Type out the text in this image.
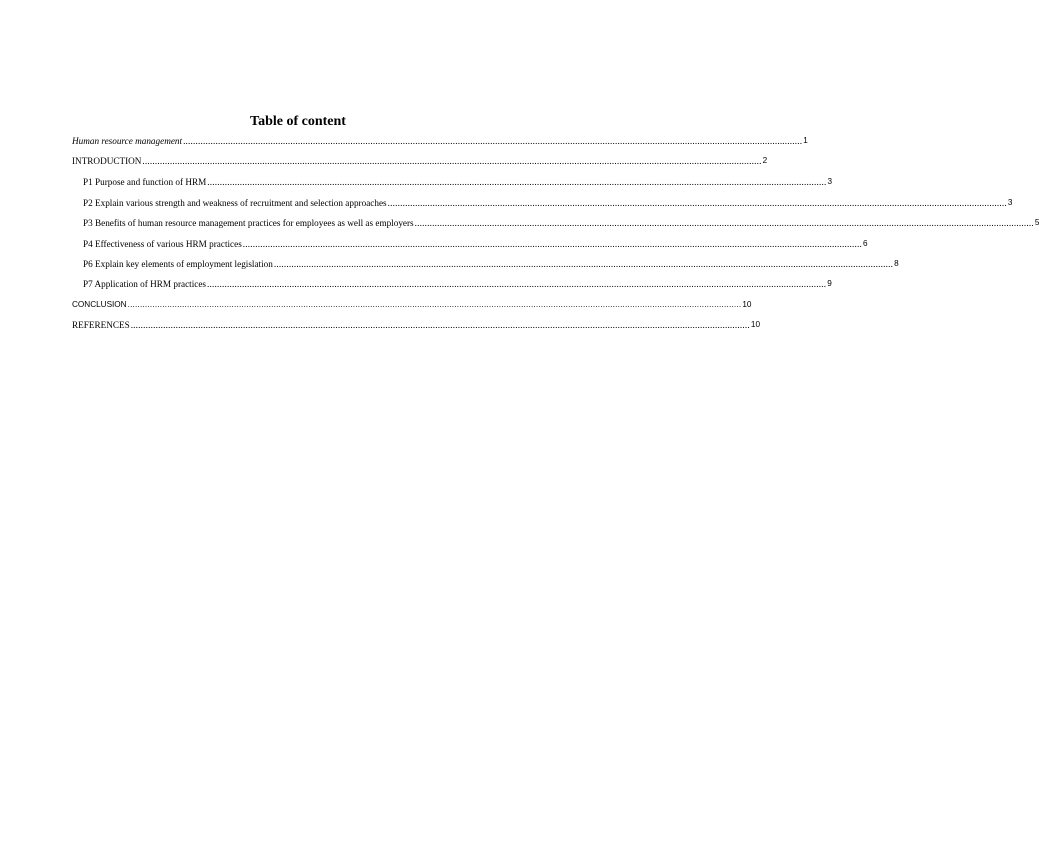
Table of content
Human resource management ........................................................................................................................................................................................................................................................ 1
INTRODUCTION ........................................................................................................................................................................................................................................................ 2
P1 Purpose and function of HRM ........................................................................................................................................................................................................................................................ 3
P2 Explain various strength and weakness of recruitment and selection approaches ........................................................................................................................................................................................................................................................ 3
P3 Benefits of human resource management practices for employees as well as employers ........................................................................................................................................................................................................................................................ 5
P4 Effectiveness of various HRM practices ........................................................................................................................................................................................................................................................ 6
P6 Explain key elements of employment legislation ........................................................................................................................................................................................................................................................ 8
P7 Application of HRM practices ........................................................................................................................................................................................................................................................ 9
CONCLUSION ........................................................................................................................................................................................................................................................ 10
REFERENCES ........................................................................................................................................................................................................................................................ 10
